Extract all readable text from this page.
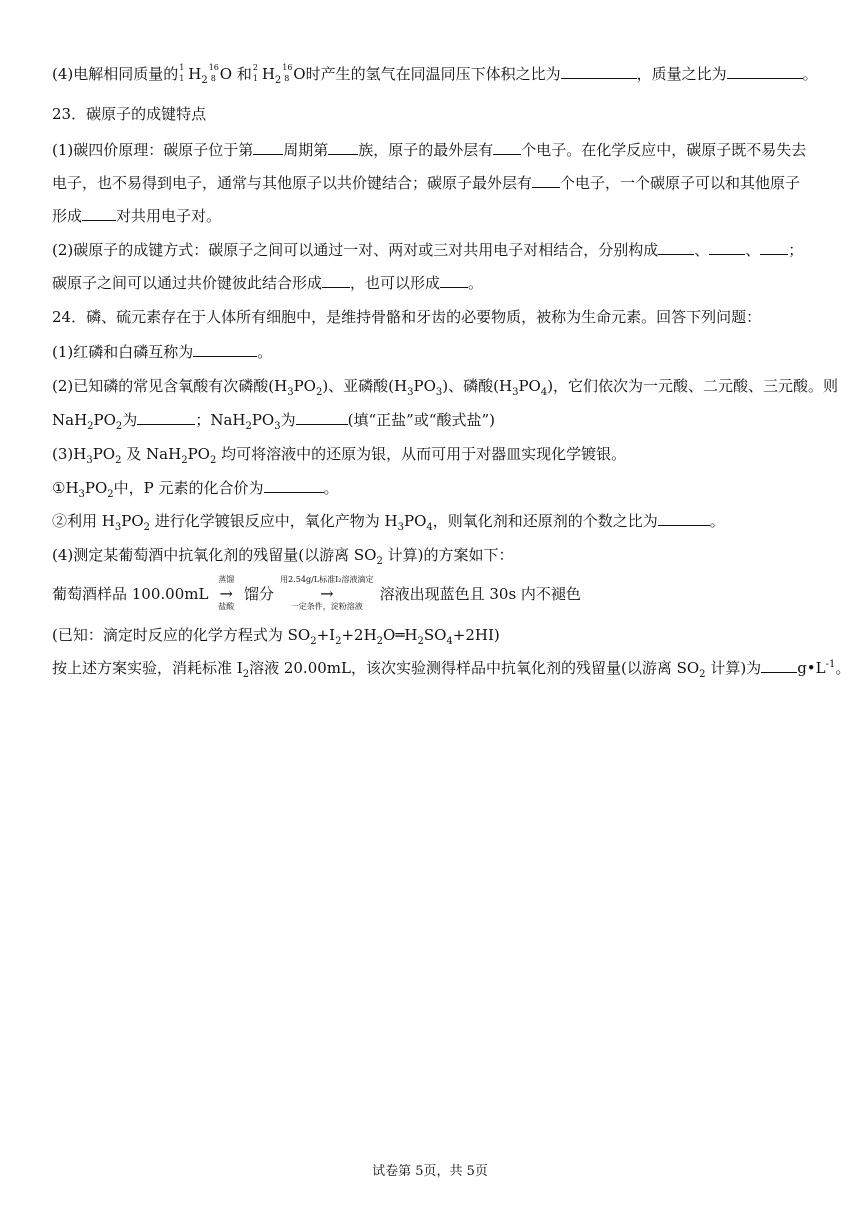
(4)电解相同质量的 1
1 $H_2$
16
8 O 和 2
1 $H_2$
16
8 O时产生的氢气在同温同压下体积之比为	，质量之比为	。
23．碳原子的成键特点
(1)碳四价原理：碳原子位于第 周期第 族，原子的最外层有 个电子。在化学反应中，碳原子既不易失去
电子，也不易得到电子，通常与其他原子以共价键结合；碳原子最外层有 个电子，一个碳原子可以和其他原子
形成 对共用电子对。
(2)碳原子的成键方式：碳原子之间可以通过一对、两对或三对共用电子对相结合，分别构成 、 、 ；
碳原子之间可以通过共价键彼此结合形成 ，也可以形成 。
24．磷、硫元素存在于人体所有细胞中，是维持骨骼和牙齿的必要物质，被称为生命元素。回答下列问题：
(1)红磷和白磷互称为	。
(2)已知磷的常见含氧酸有次磷酸$(H_3PO_2)$、亚磷酸$(H_3PO_3)$、磷酸$(H_3PO_4)$，它们依次为一元酸、二元酸、三元酸。则
$NaH_2PO_2$为	；$NaH_2PO_3$为	(填“正盐”或“酸式盐”)
$(3)H_3PO_2$ 及 $NaH_2PO_2$ 均可将溶液中的还原为银，从而可用于对器皿实现化学镀银。
$①H_3PO_2$中，P 元素的化合价为	。
②利用 $H_3PO_2$ 进行化学镀银反应中，氧化产物为 $H_3PO_4$，则氧化剂和还原剂的个数之比为	。
(4)测定某葡萄酒中抗氧化剂的残留量(以游离 $SO_2$ 计算)的方案如下：
葡萄酒样品 100.00mL
蒸馏
→
盐酸
馏分
用2.54g/L标准I₂溶液滴定
→
一定条件，淀粉溶液
溶液出现蓝色且 30s 内不褪色
(已知：滴定时反应的化学方程式为 $SO_2+I_2+2H_2O═H_2SO_4+2HI$)
按上述方案实验，消耗标准 $I_2$溶液 20.00mL，该次实验测得样品中抗氧化剂的残留量(以游离 $SO_2$ 计算)为 $g•L^{-1}$。
试卷第 5页，共 5页
